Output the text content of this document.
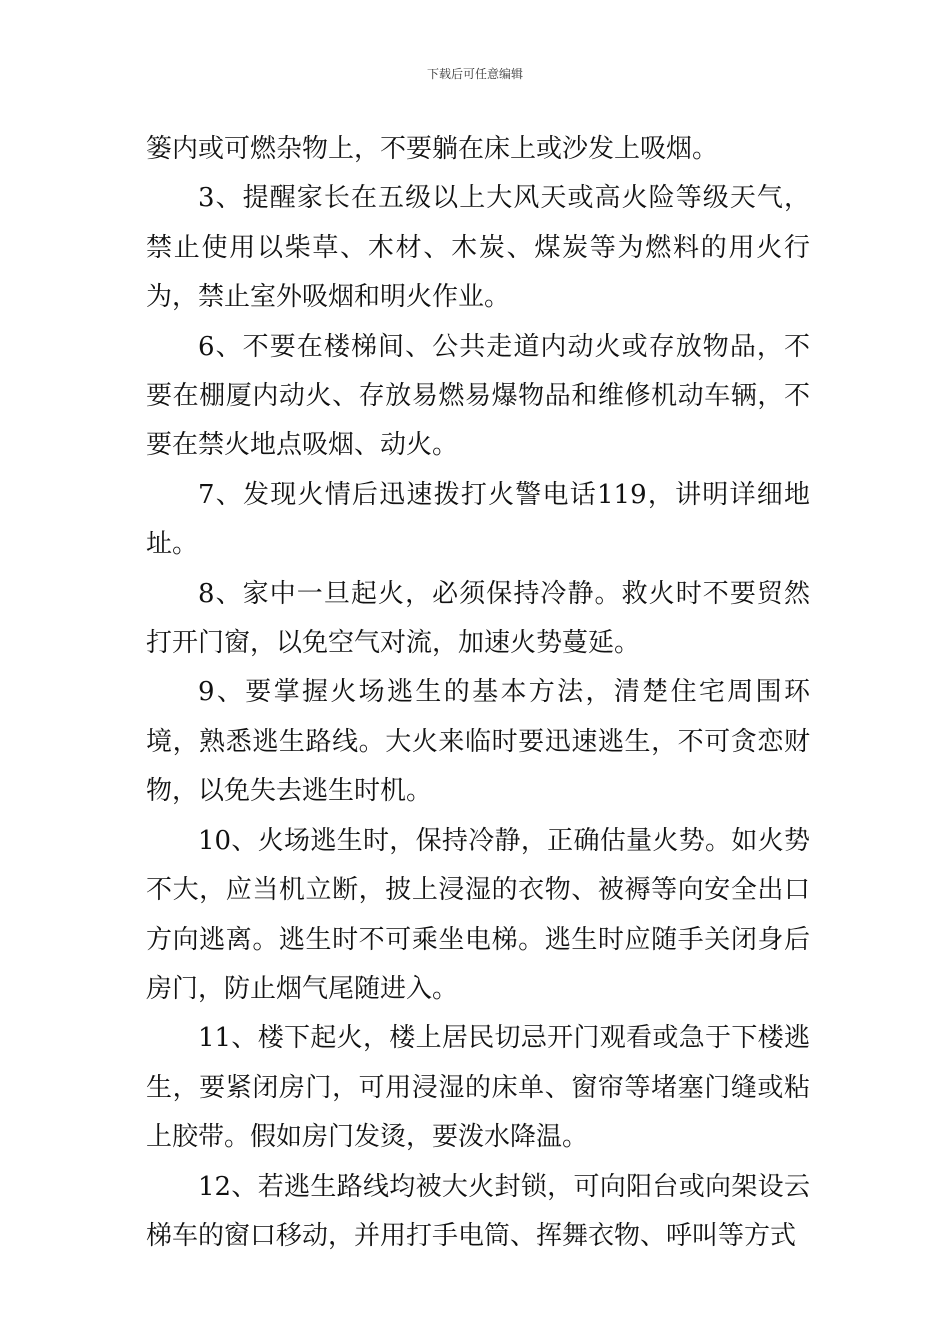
下载后可任意编辑

篓内或可燃杂物上，不要躺在床上或沙发上吸烟。

3、提醒家长在五级以上大风天或高火险等级天气，禁止使用以柴草、木材、木炭、煤炭等为燃料的用火行为，禁止室外吸烟和明火作业。

6、不要在楼梯间、公共走道内动火或存放物品，不要在棚厦内动火、存放易燃易爆物品和维修机动车辆，不要在禁火地点吸烟、动火。

7、发现火情后迅速拨打火警电话119，讲明详细地址。

8、家中一旦起火，必须保持冷静。救火时不要贸然打开门窗，以免空气对流，加速火势蔓延。

9、要掌握火场逃生的基本方法，清楚住宅周围环境，熟悉逃生路线。大火来临时要迅速逃生，不可贪恋财物，以免失去逃生时机。

10、火场逃生时，保持冷静，正确估量火势。如火势不大，应当机立断，披上浸湿的衣物、被褥等向安全出口方向逃离。逃生时不可乘坐电梯。逃生时应随手关闭身后房门，防止烟气尾随进入。

11、楼下起火，楼上居民切忌开门观看或急于下楼逃生，要紧闭房门，可用浸湿的床单、窗帘等堵塞门缝或粘上胶带。假如房门发烫，要泼水降温。

12、若逃生路线均被大火封锁，可向阳台或向架设云梯车的窗口移动，并用打手电筒、挥舞衣物、呼叫等方式
